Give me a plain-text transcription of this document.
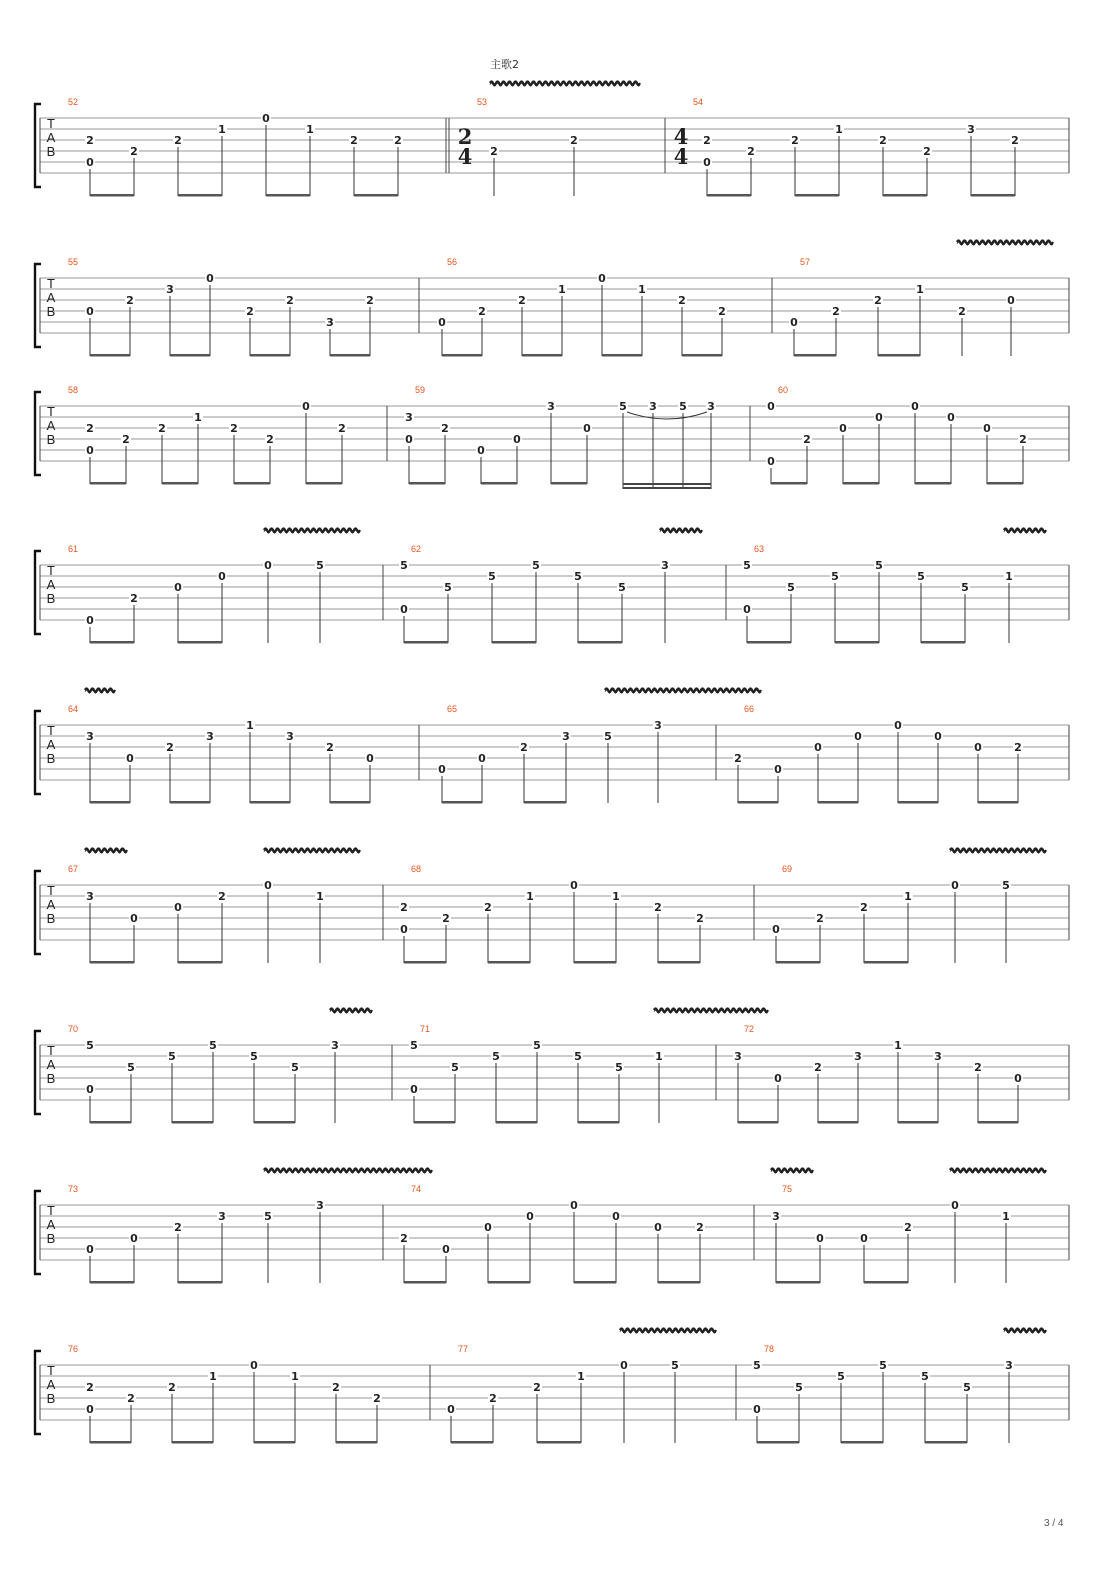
主歌2
T
A
B
52
2
0
2
2
1
0
1
2	2
53
2
4 2
2
54
4
4
2
0
2
2
1
2
2
3
2
T
A
B
55
0
2
3
0
2
2
3
2
56
0
2
2
1
0
1
2
2
57
0
2
2
1
2
0
T
A
B
58
2
0
2
2
1
2
2
0
2
59
3
0
2
0
0
3
0
5 3 5 3
60
0
0
2
0
0
0
0
0
2
T
A
B
61
0
2
0
0
0	5
62
5
0
5
5
5
5
5
3
63
5
0
5
5
5
5
5
1
T
A
B
64
3
0
2
3
1
3
2
0
65
0
0
2
3	5
3
66
2
0
0
0
0
0
0	2
T
A
B
67
3
0
0
2
0
1
68
2
0
2
2
1
0
1
2
2
69
0
2
2
1
0	5
T
A
B
70
5
0
5
5
5
5
5
3
71
5
0
5
5
5
5
5
1
72
3
0
2
3
1
3
2
0
T
A
B
73
0
0
2
3	5
3
74
2
0
0
0
0
0
0	2
75
3
0	0
2
0
1
T
A
B
76
2
0
2
2
1
0
1
2
2
77
0
2
2
1
0	5
78
5
0
5
5
5
5
5
3
3 / 4
